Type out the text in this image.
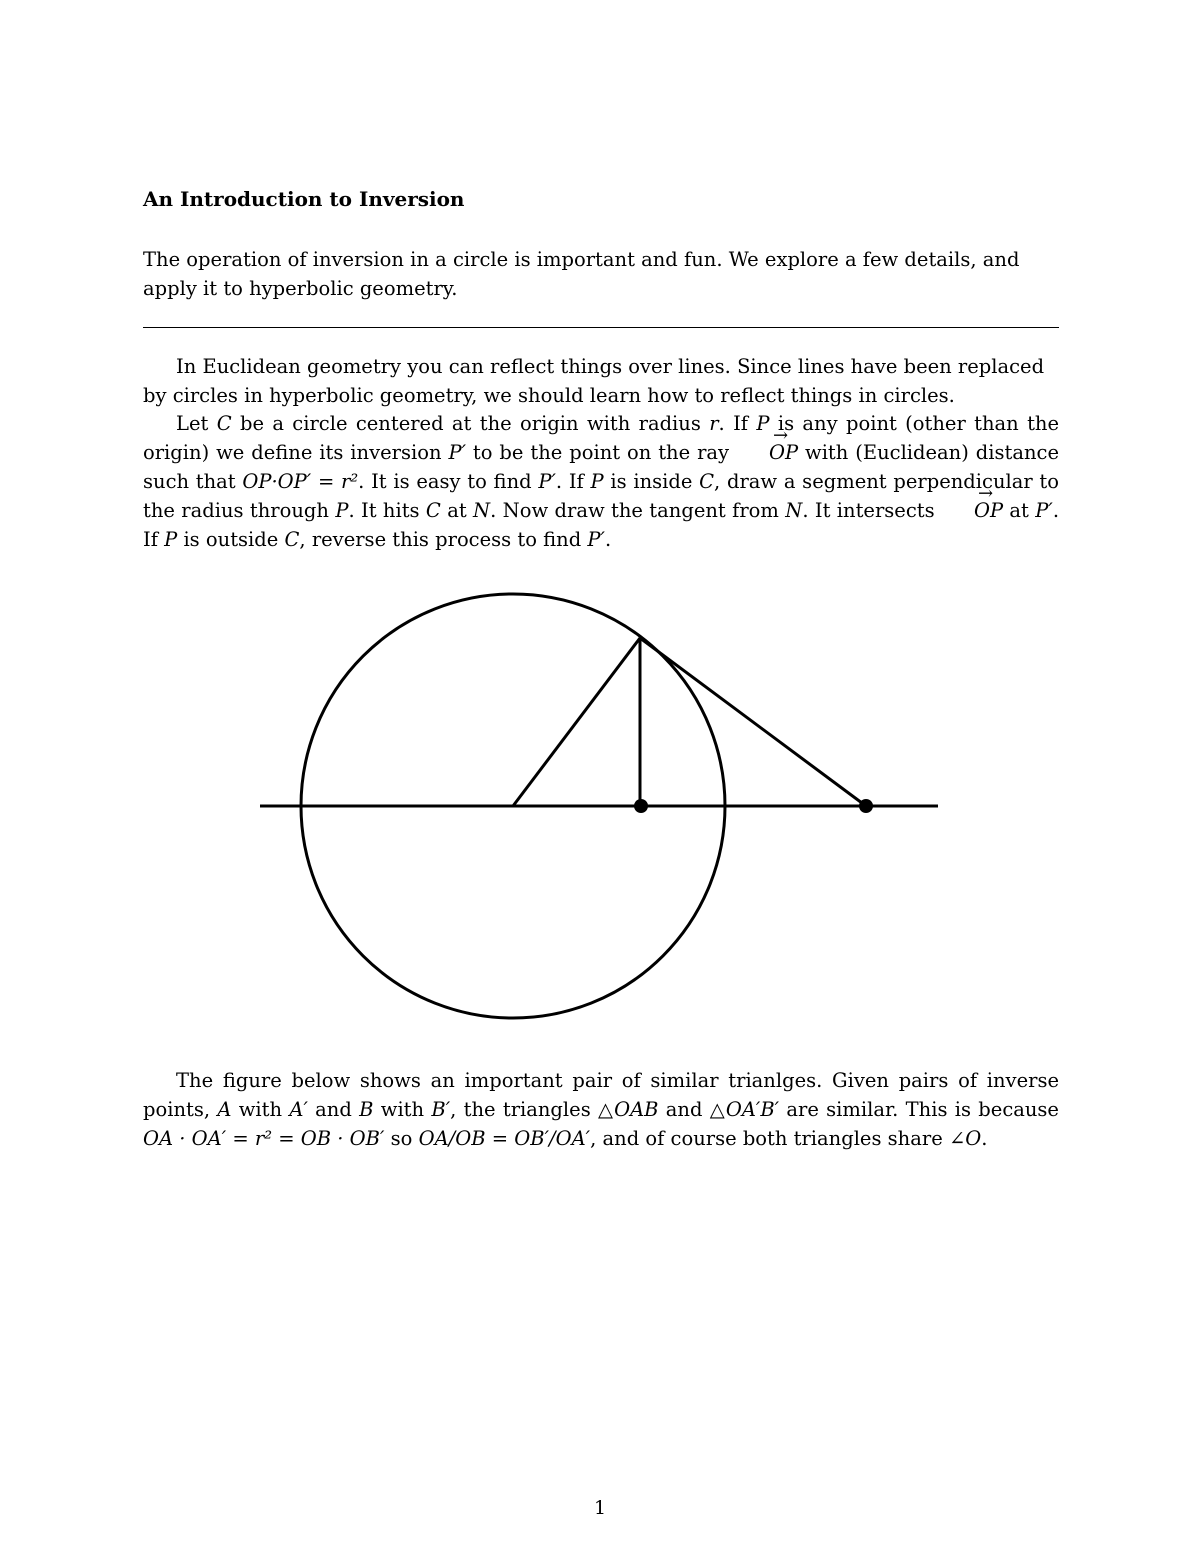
An Introduction to Inversion
The operation of inversion in a circle is important and fun. We explore a few details, and apply it to hyperbolic geometry.
In Euclidean geometry you can reflect things over lines. Since lines have been replaced by circles in hyperbolic geometry, we should learn how to reflect things in circles.
Let C be a circle centered at the origin with radius r. If P is any point (other than the origin) we define its inversion P′ to be the point on the ray OP → with (Euclidean) distance such that OP·OP′ = r². It is easy to find P′. If P is inside C, draw a segment perpendicular to the radius through P. It hits C at N. Now draw the tangent from N. It intersects OP → at P′. If P is outside C, reverse this process to find P′.
The figure below shows an important pair of similar trianlges. Given pairs of inverse points, A with A′ and B with B′, the triangles △OAB and △OA′B′ are similar. This is because OA · OA′ = r² = OB · OB′ so OA/OB = OB′/OA′, and of course both triangles share ∠O.
1
